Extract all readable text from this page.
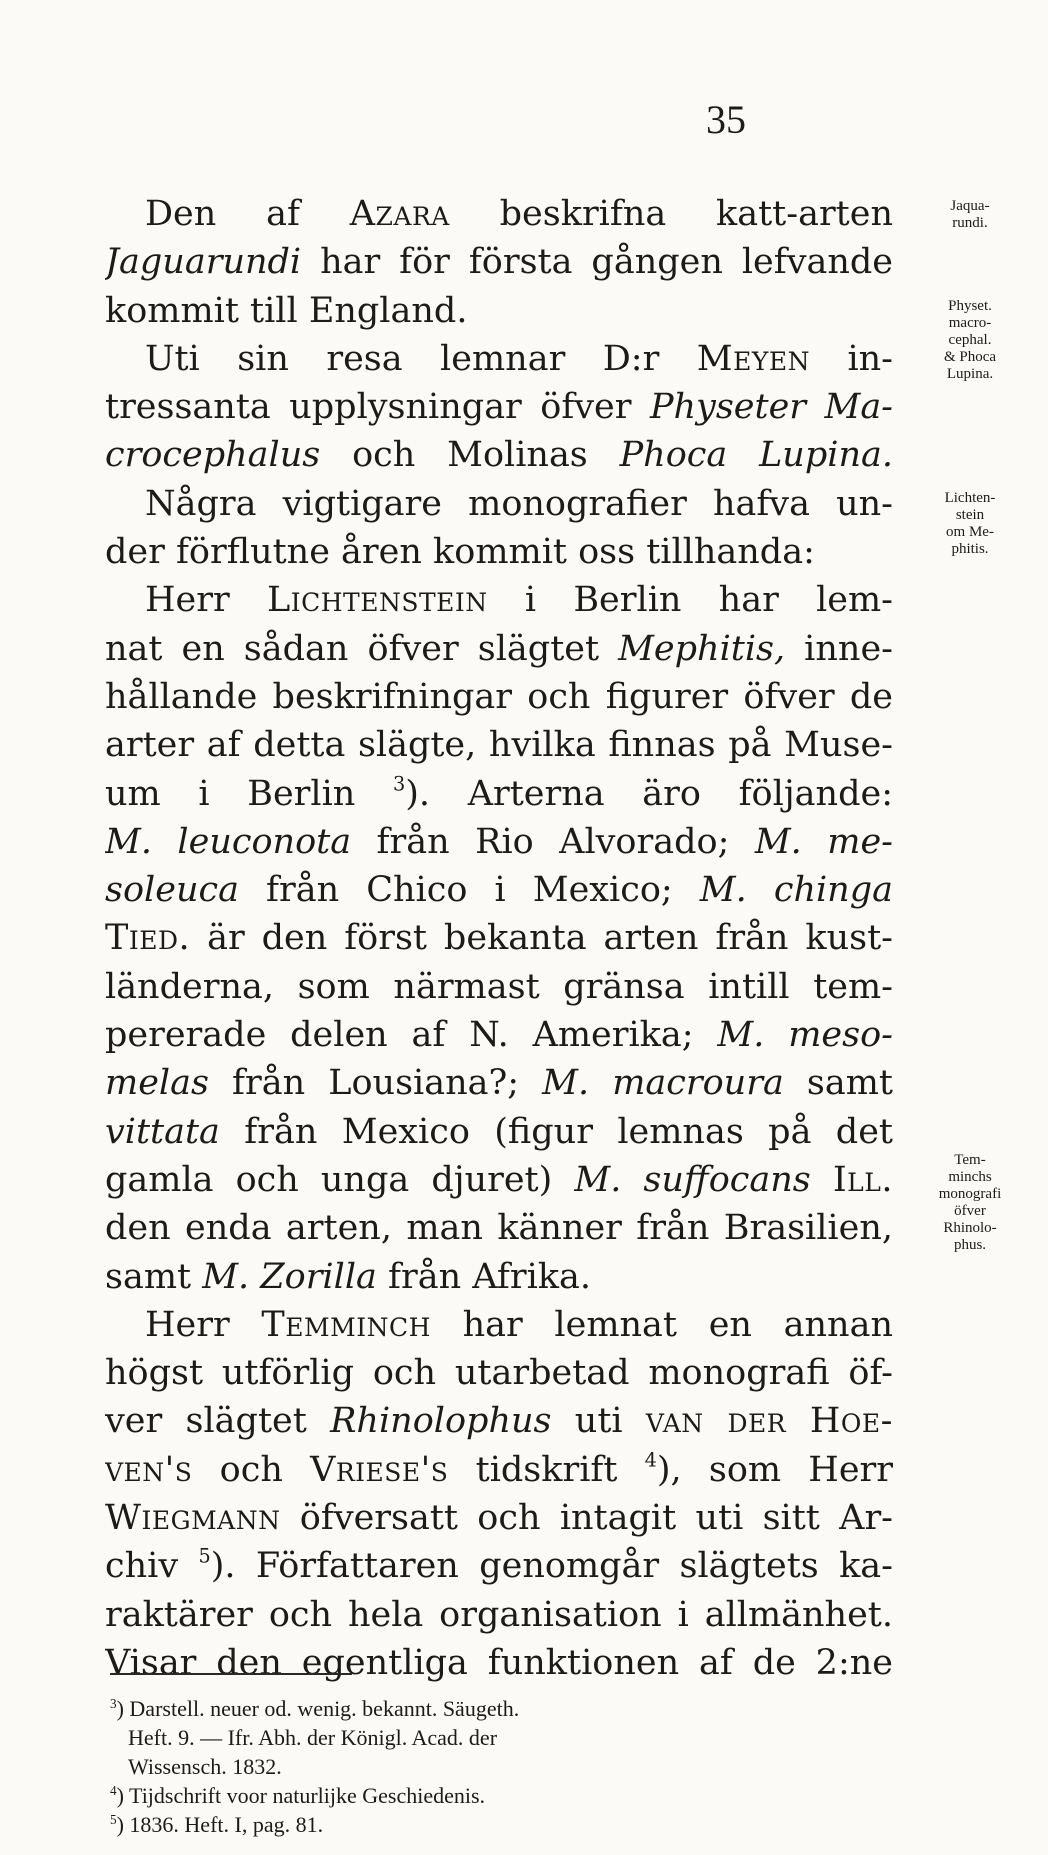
35
Den af Azara beskrifna katt-arten
Jaguarundi har för första gången lefvande
kommit till England.
Uti sin resa lemnar D:r Meyen in-
tressanta upplysningar öfver Physeter Ma-
crocephalus och Molinas Phoca Lupina.
Några vigtigare monografier hafva un-
der förflutne åren kommit oss tillhanda:
Herr Lichtenstein i Berlin har lem-
nat en sådan öfver slägtet Mephitis, inne-
hållande beskrifningar och figurer öfver de
arter af detta slägte, hvilka finnas på Muse-
um i Berlin $^3$). Arterna äro följande:
M. leuconota från Rio Alvorado; M. me-
soleuca från Chico i Mexico; M. chinga
Tied. är den först bekanta arten från kust-
länderna, som närmast gränsa intill tem-
pererade delen af N. Amerika; M. meso-
melas från Lousiana?; M. macroura samt
vittata från Mexico (figur lemnas på det
gamla och unga djuret) M. suffocans Ill.
den enda arten, man känner från Brasilien,
samt M. Zorilla från Afrika.
Herr Temminch har lemnat en annan
högst utförlig och utarbetad monografi öf-
ver slägtet Rhinolophus uti van der Hoe-
ven's och Vriese's tidskrift $^4$), som Herr
Wiegmann öfversatt och intagit uti sitt Ar-
chiv $^5$). Författaren genomgår slägtets ka-
raktärer och hela organisation i allmänhet.
Visar den egentliga funktionen af de 2:ne
Jaqua-
rundi.
Physet.
macro-
cephal.
& Phoca
Lupina.
Lichten-
stein
om Me-
phitis.
Tem-
minchs
monografi
öfver
Rhinolo-
phus.
$^3$) Darstell. neuer od. wenig. bekannt. Säugeth.
Heft. 9. — Ifr. Abh. der Königl. Acad. der
Wissensch. 1832.
$^4$) Tijdschrift voor naturlijke Geschiedenis.
$^5$) 1836. Heft. I, pag. 81.
